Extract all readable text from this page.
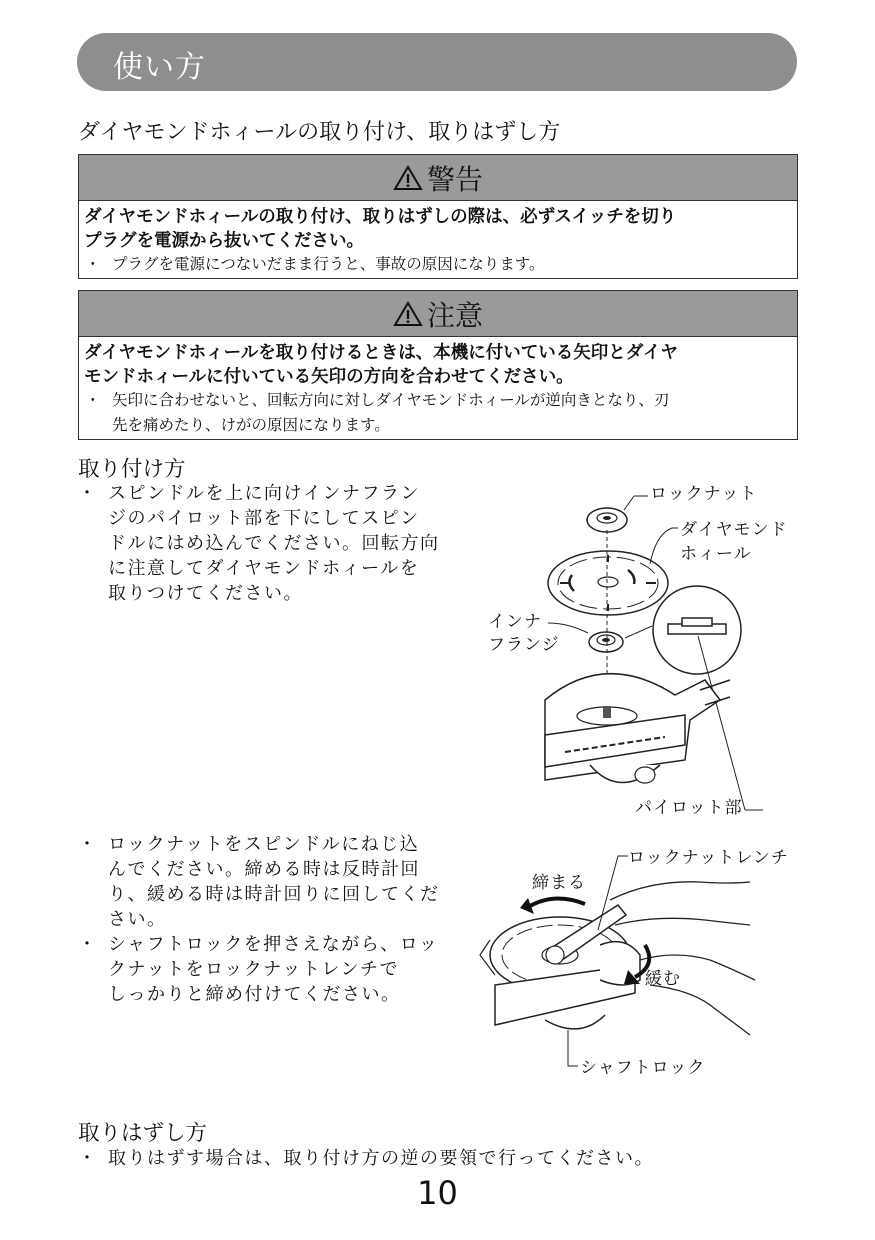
使い方
ダイヤモンドホィールの取り付け、取りはずし方
警告
ダイヤモンドホィールの取り付け、取りはずしの際は、必ずスイッチを切り
プラグを電源から抜いてください。
・ プラグを電源につないだまま行うと、事故の原因になります。
注意
ダイヤモンドホィールを取り付けるときは、本機に付いている矢印とダイヤ
モンドホィールに付いている矢印の方向を合わせてください。
・ 矢印に合わせないと、回転方向に対しダイヤモンドホィールが逆向きとなり、刃
先を痛めたり、けがの原因になります。
取り付け方
・ スピンドルを上に向けインナフラン
ジのパイロット部を下にしてスピン
ドルにはめ込んでください。回転方向
に注意してダイヤモンドホィールを
取りつけてください。
ロックナット
ダイヤモンド
ホィール
インナ
フランジ
パイロット部
・ ロックナットをスピンドルにねじ込
んでください。締める時は反時計回
り、緩める時は時計回りに回してくだ
さい。
・ シャフトロックを押さえながら、ロッ
クナットをロックナットレンチで
しっかりと締め付けてください。
ロックナットレンチ
締まる
緩む
シャフトロック
取りはずし方
・ 取りはずす場合は、取り付け方の逆の要領で行ってください。
10
